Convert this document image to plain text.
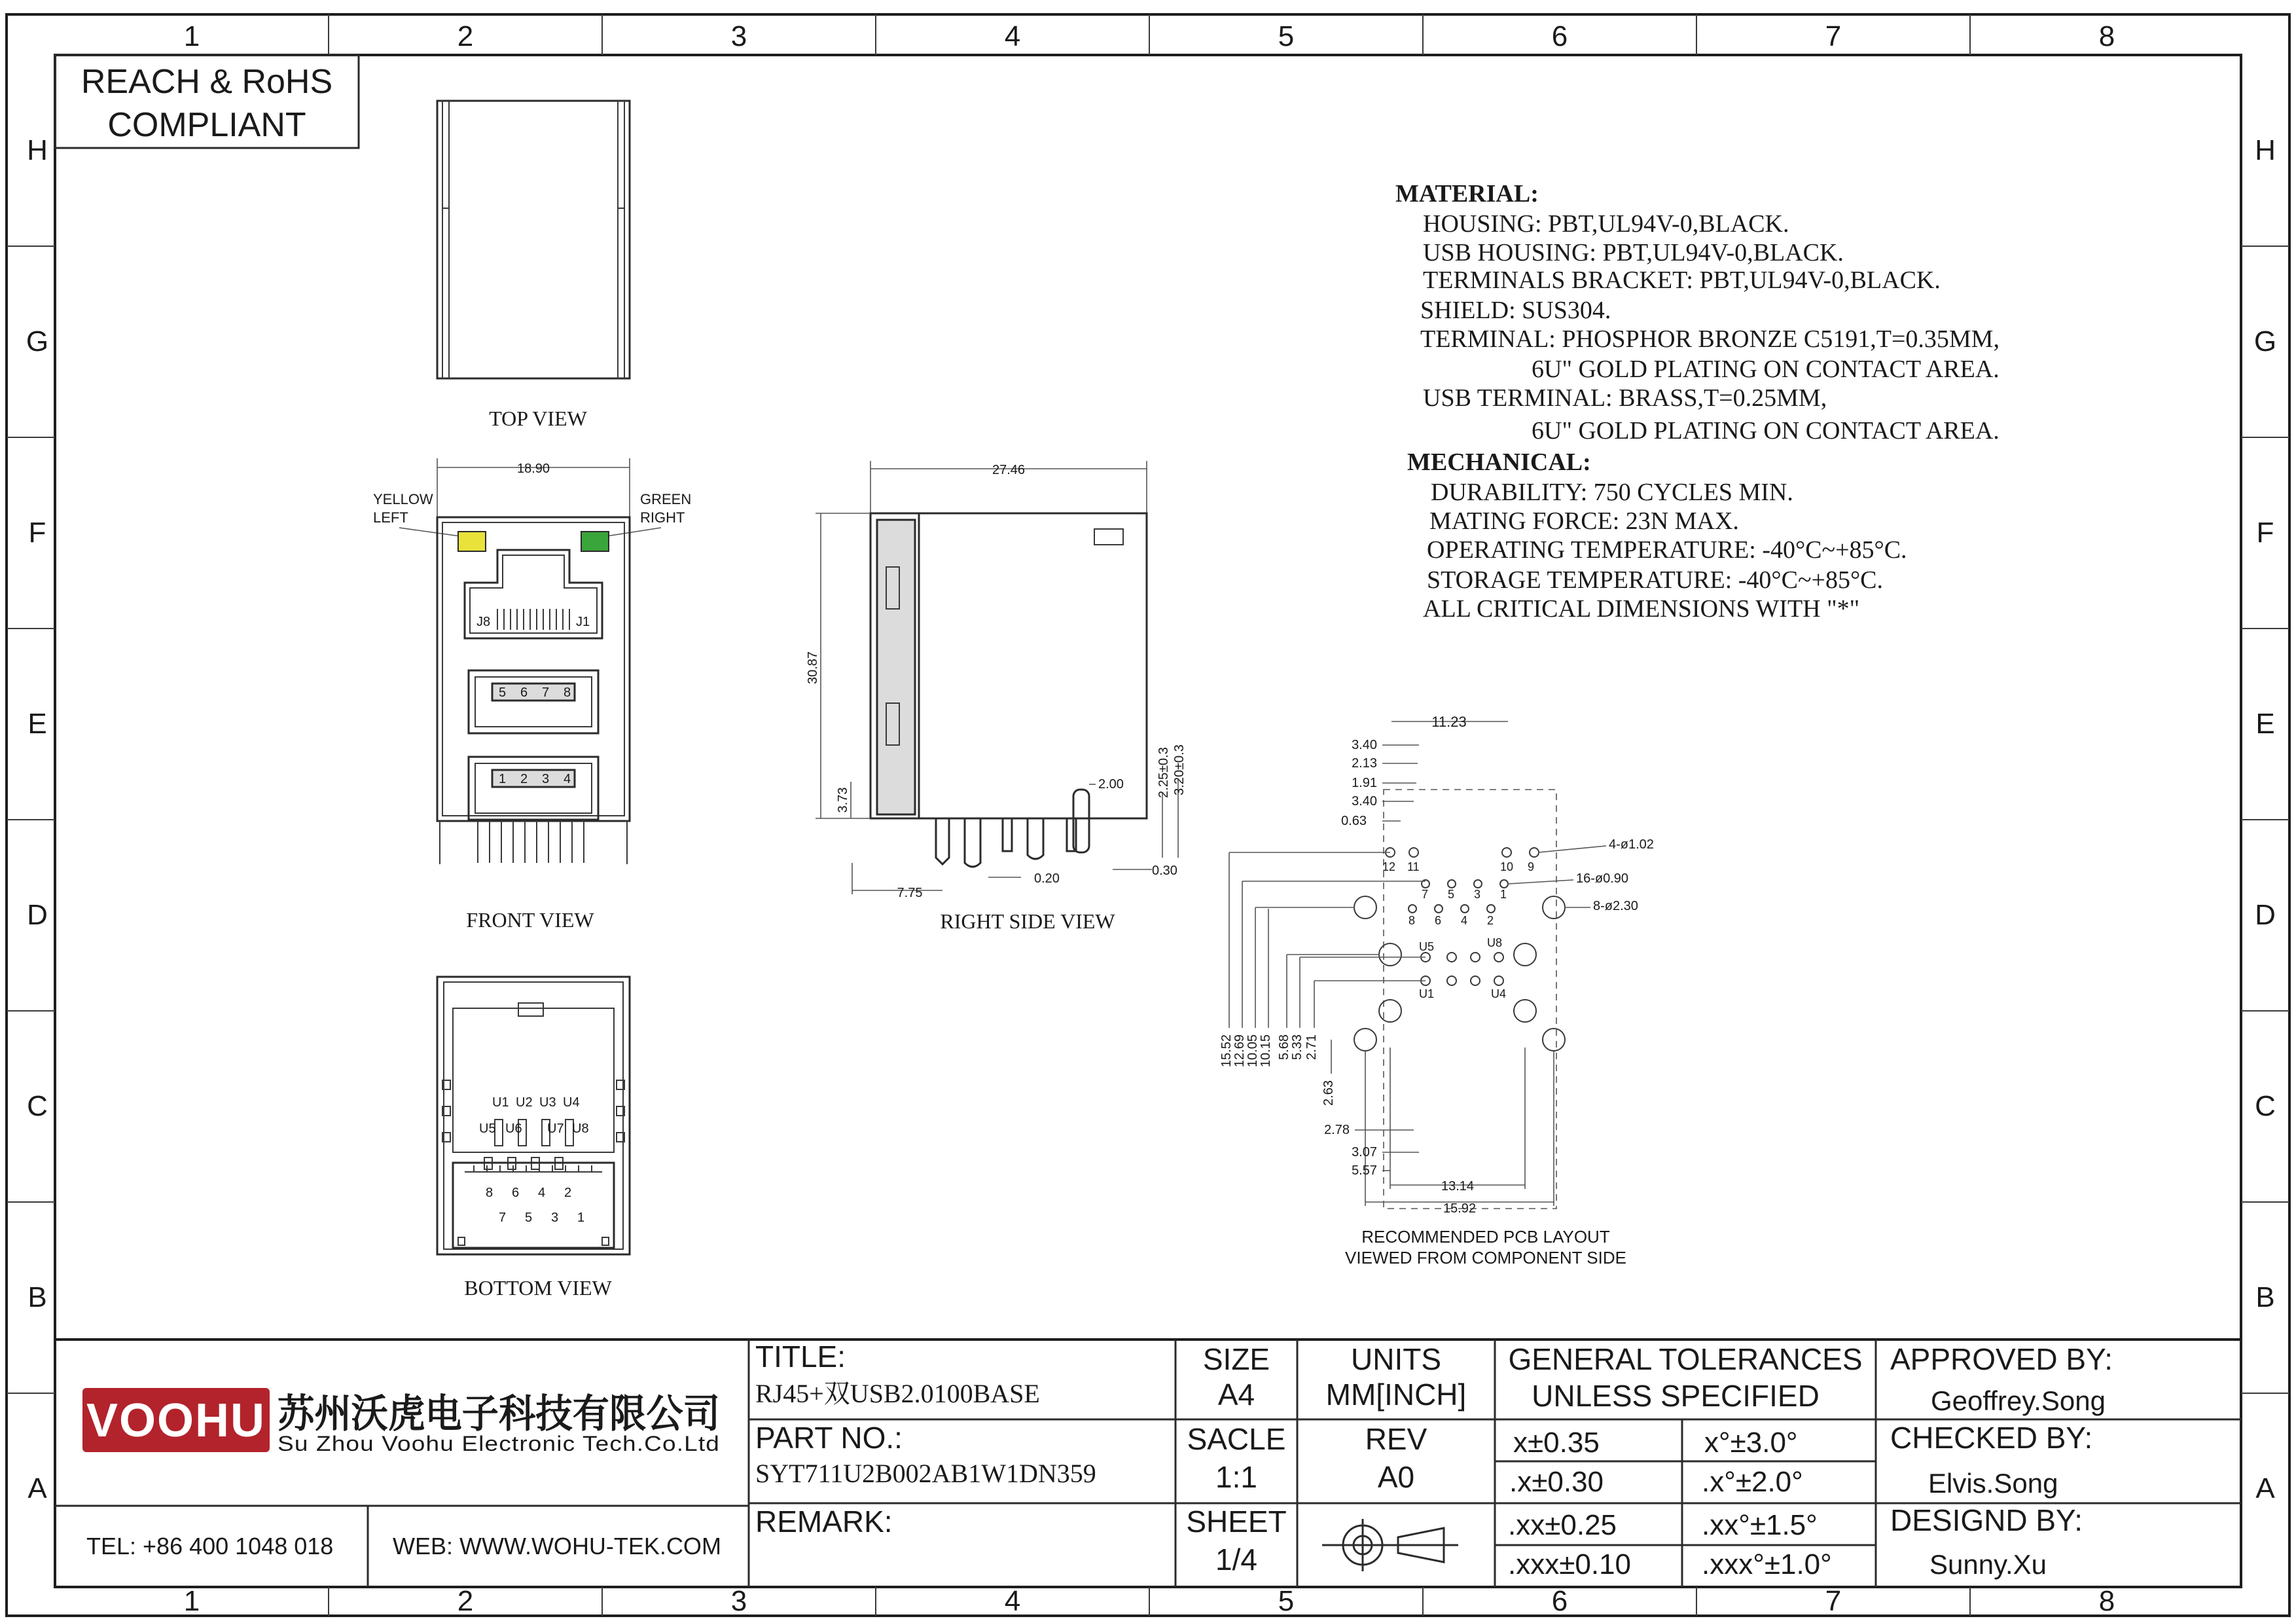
1	2	3	4	5	6	7	8
1	2	3	4	5	6	7	8
H
G
F
E
D
C
B
A
H
G
F
E
D
C
B
A
REACH & RoHS
COMPLIANT
TOP VIEW
18.90
YELLOW
LEFT
GREEN
RIGHT
J8	J1
5 6 7 8
1 2 3 4
FRONT VIEW
27.46
30.87
3.73
7.75
0.20
2.00	2.25±0.3 3.20±0.3
0.30
RIGHT SIDE VIEW
U1 U2 U3 U4
U5 U6 U7 U8
8 6 4 2
7 5 3 1
BOTTOM VIEW
MATERIAL:
HOUSING: PBT,UL94V-0,BLACK.
USB HOUSING: PBT,UL94V-0,BLACK.
TERMINALS BRACKET: PBT,UL94V-0,BLACK.
SHIELD: SUS304.
TERMINAL: PHOSPHOR BRONZE C5191,T=0.35MM,
6U" GOLD PLATING ON CONTACT AREA.
USB TERMINAL: BRASS,T=0.25MM,
6U" GOLD PLATING ON CONTACT AREA.
MECHANICAL:
DURABILITY: 750 CYCLES MIN.
MATING FORCE: 23N MAX.
OPERATING TEMPERATURE: -40°C~+85°C.
STORAGE TEMPERATURE: -40°C~+85°C.
ALL CRITICAL DIMENSIONS WITH "*"
11.23
3.40
2.13
1.91
3.40
0.63
12 11	10 9
7 5 3 1
8 6 4 2
U5	U8
U1	U4
4-ø1.02
16-ø0.90
8-ø2.30
15.52
12.69
10.05
10.15 5.68
5.33 2.71
2.63
2.78
3.07
5.57
13.14
15.92
RECOMMENDED PCB LAYOUT
VIEWED FROM COMPONENT SIDE
VOOHU 苏州沃虎电子科技有限公司
Su Zhou Voohu Electronic Tech.Co.Ltd
TEL: +86 400 1048 018	WEB: WWW.WOHU-TEK.COM
TITLE:
RJ45+双USB2.0100BASE
PART NO.:
SYT711U2B002AB1W1DN359
REMARK:
SIZE
A4
UNITS
MM[INCH]
SACLE
1:1
REV
A0
SHEET
1/4
GENERAL TOLERANCES
UNLESS SPECIFIED
x±0.35	x°±3.0°
.x±0.30	.x°±2.0°
.xx±0.25	.xx°±1.5°
.xxx±0.10 .xxx°±1.0°
APPROVED BY:
Geoffrey.Song
CHECKED BY:
Elvis.Song
DESIGND BY:
Sunny.Xu
